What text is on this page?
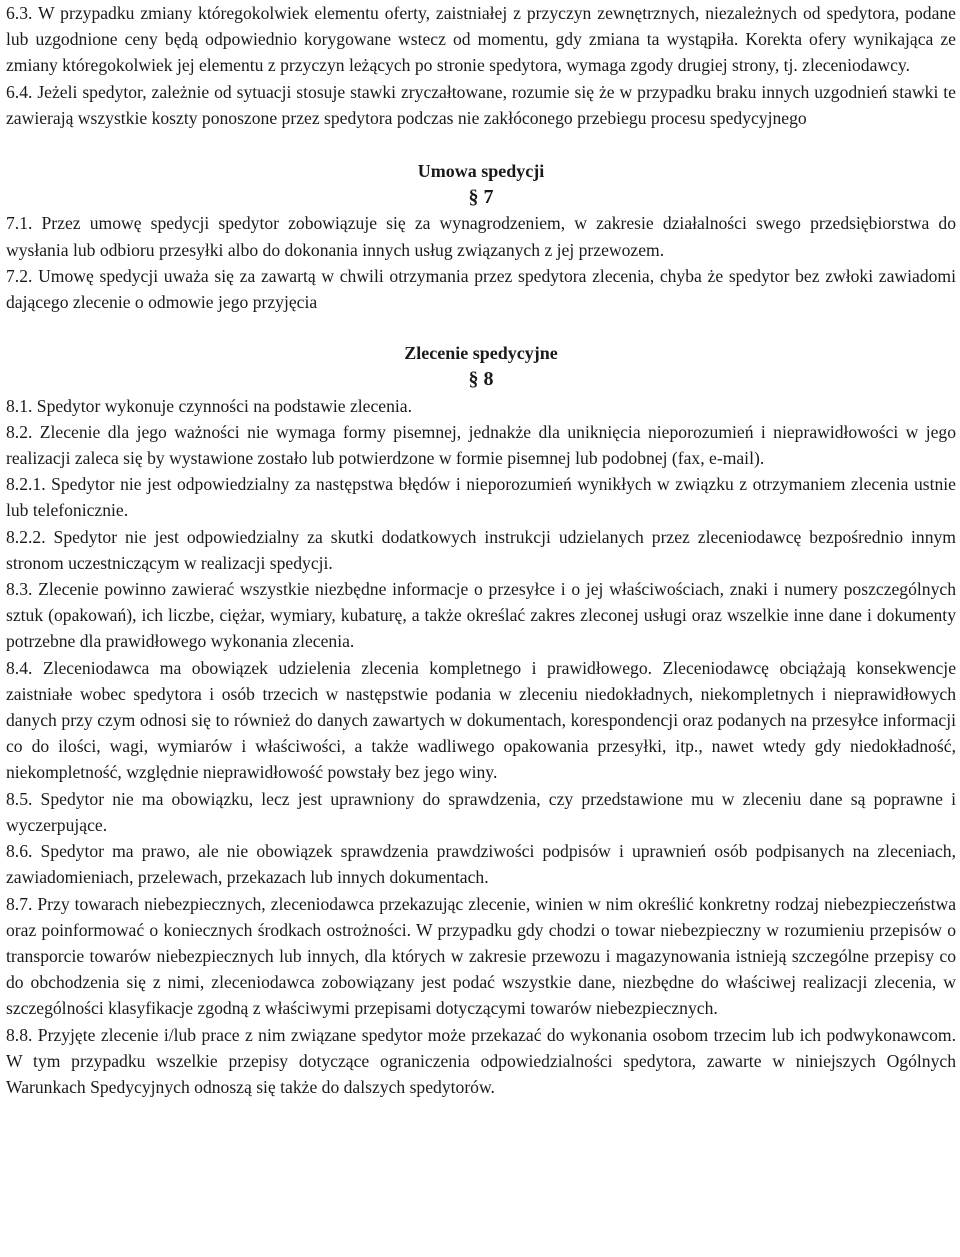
6.3. W przypadku zmiany któregokolwiek elementu oferty, zaistniałej z przyczyn zewnętrznych, niezależnych od spedytora, podane lub uzgodnione ceny będą odpowiednio korygowane wstecz od momentu, gdy zmiana ta wystąpiła. Korekta ofery wynikająca ze zmiany któregokolwiek jej elementu z przyczyn leżących po stronie spedytora, wymaga zgody drugiej strony, tj. zleceniodawcy.

6.4. Jeżeli spedytor, zależnie od sytuacji stosuje stawki zryczałtowane, rozumie się że w przypadku braku innych uzgodnień stawki te zawierają wszystkie koszty ponoszone przez spedytora podczas nie zakłóconego przebiegu procesu spedycyjnego

Umowa spedycji

§ 7

7.1. Przez umowę spedycji spedytor zobowiązuje się za wynagrodzeniem, w zakresie działalności swego przedsiębiorstwa do wysłania lub odbioru przesyłki albo do dokonania innych usług związanych z jej przewozem.

7.2. Umowę spedycji uważa się za zawartą w chwili otrzymania przez spedytora zlecenia, chyba że spedytor bez zwłoki zawiadomi dającego zlecenie o odmowie jego przyjęcia

Zlecenie spedycyjne

§ 8

8.1. Spedytor wykonuje czynności na podstawie zlecenia.

8.2. Zlecenie dla jego ważności nie wymaga formy pisemnej, jednakże dla uniknięcia nieporozumień i nieprawidłowości w jego realizacji zaleca się by wystawione zostało lub potwierdzone w formie pisemnej lub podobnej (fax, e-mail).

8.2.1. Spedytor nie jest odpowiedzialny za następstwa błędów i nieporozumień wynikłych w związku z otrzymaniem zlecenia ustnie lub telefonicznie.

8.2.2. Spedytor nie jest odpowiedzialny za skutki dodatkowych instrukcji udzielanych przez zleceniodawcę bezpośrednio innym stronom uczestniczącym w realizacji spedycji.

8.3. Zlecenie powinno zawierać wszystkie niezbędne informacje o przesyłce i o jej właściwościach, znaki i numery poszczególnych sztuk (opakowań), ich liczbe, ciężar, wymiary, kubaturę, a także określać zakres zleconej usługi oraz wszelkie inne dane i dokumenty potrzebne dla prawidłowego wykonania zlecenia.

8.4. Zleceniodawca ma obowiązek udzielenia zlecenia kompletnego i prawidłowego. Zleceniodawcę obciążają konsekwencje zaistniałe wobec spedytora i osób trzecich w następstwie podania w zleceniu niedokładnych, niekompletnych i nieprawidłowych danych przy czym odnosi się to również do danych zawartych w dokumentach, korespondencji oraz podanych na przesyłce informacji co do ilości, wagi, wymiarów i właściwości, a także wadliwego opakowania przesyłki, itp., nawet wtedy gdy niedokładność, niekompletność, względnie nieprawidłowość powstały bez jego winy.

8.5. Spedytor nie ma obowiązku, lecz jest uprawniony do sprawdzenia, czy przedstawione mu w zleceniu dane są poprawne i wyczerpujące.

8.6. Spedytor ma prawo, ale nie obowiązek sprawdzenia prawdziwości podpisów i uprawnień osób podpisanych na zleceniach, zawiadomieniach, przelewach, przekazach lub innych dokumentach.

8.7. Przy towarach niebezpiecznych, zleceniodawca przekazując zlecenie, winien w nim określić konkretny rodzaj niebezpieczeństwa oraz poinformować o koniecznych środkach ostrożności. W przypadku gdy chodzi o towar niebezpieczny w rozumieniu przepisów o transporcie towarów niebezpiecznych lub innych, dla których w zakresie przewozu i magazynowania istnieją szczególne przepisy co do obchodzenia się z nimi, zleceniodawca zobowiązany jest podać wszystkie dane, niezbędne do właściwej realizacji zlecenia, w szczególności klasyfikacje zgodną z właściwymi przepisami dotyczącymi towarów niebezpiecznych.

8.8. Przyjęte zlecenie i/lub prace z nim związane spedytor może przekazać do wykonania osobom trzecim lub ich podwykonawcom. W tym przypadku wszelkie przepisy dotyczące ograniczenia odpowiedzialności spedytora, zawarte w niniejszych Ogólnych Warunkach Spedycyjnych odnoszą się także do dalszych spedytorów.
